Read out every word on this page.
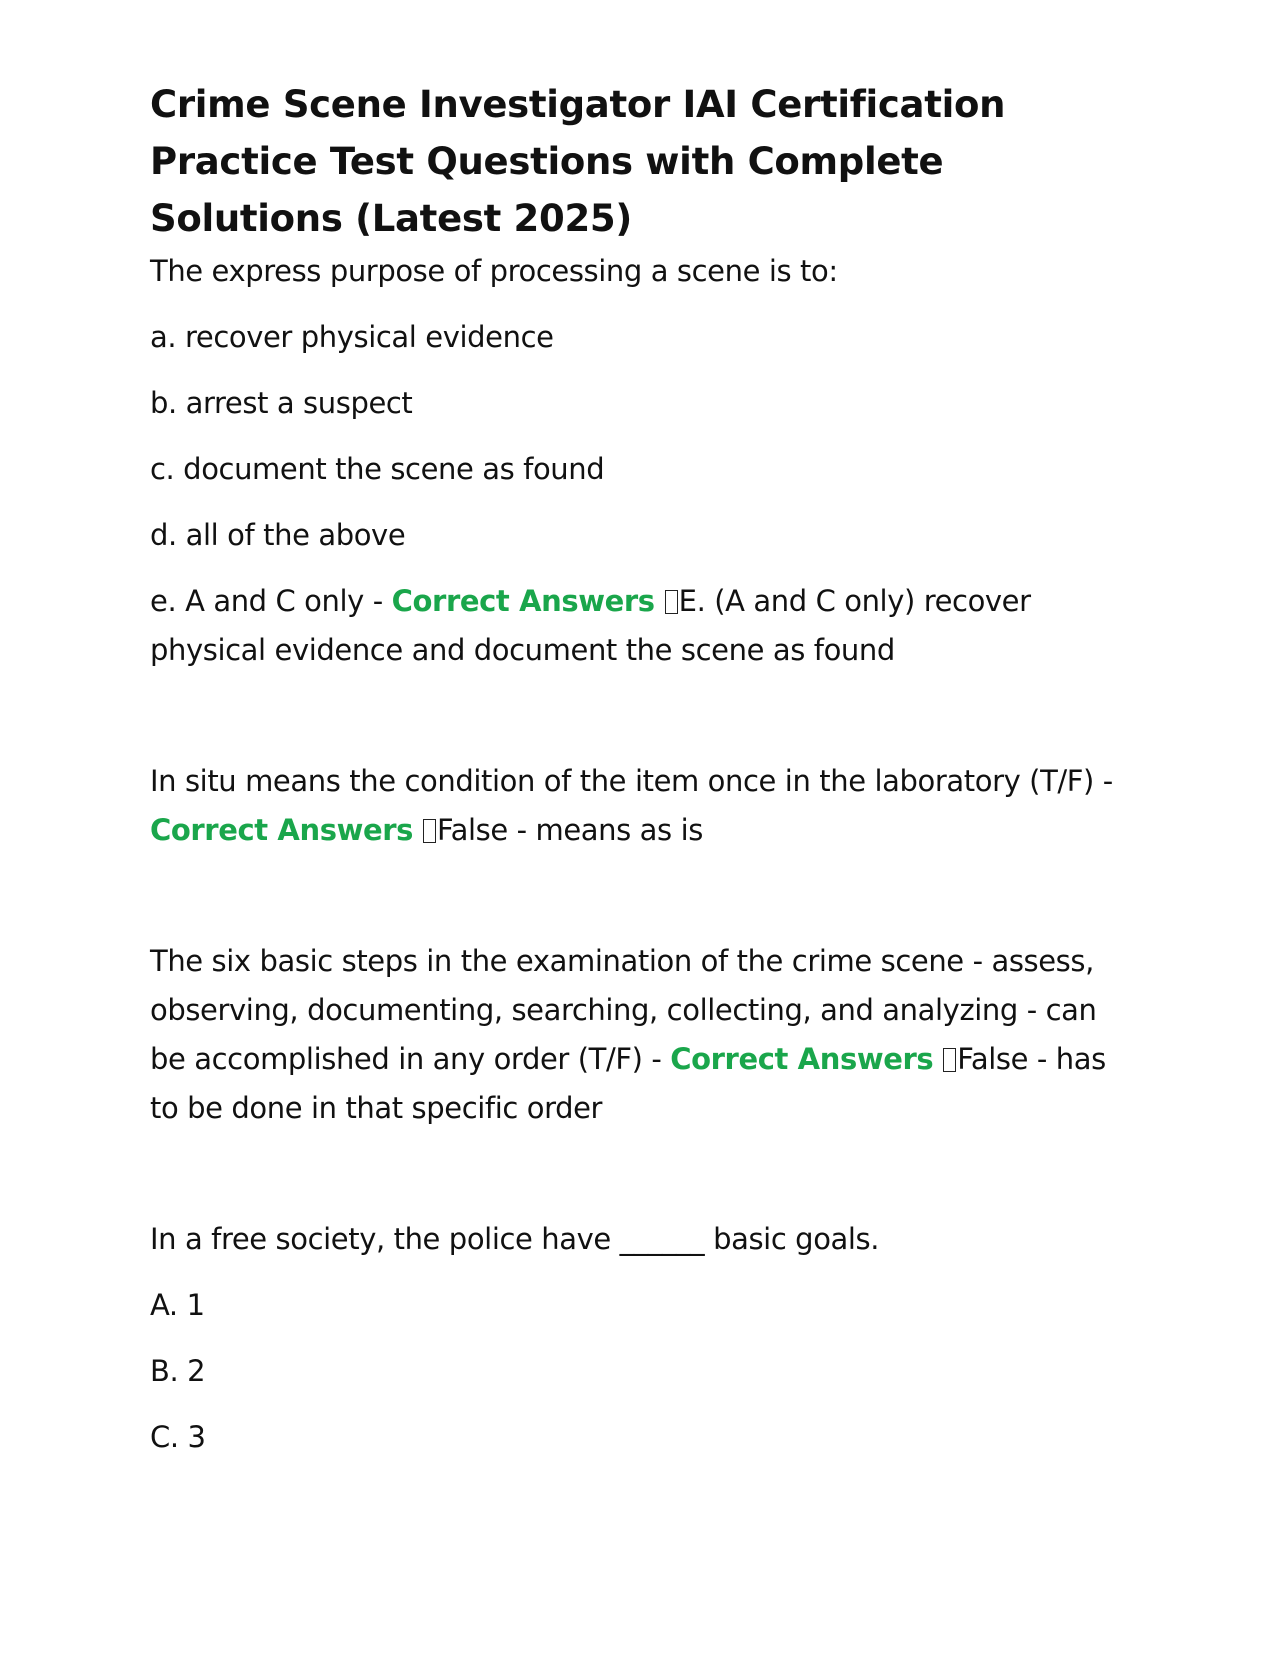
Crime Scene Investigator IAI Certification Practice Test Questions with Complete Solutions (Latest 2025)

The express purpose of processing a scene is to:

a. recover physical evidence

b. arrest a suspect

c. document the scene as found

d. all of the above

e. A and C only - Correct Answers E. (A and C only) recover physical evidence and document the scene as found

In situ means the condition of the item once in the laboratory (T/F) - Correct Answers False - means as is

The six basic steps in the examination of the crime scene - assess, observing, documenting, searching, collecting, and analyzing - can be accomplished in any order (T/F) - Correct Answers False - has to be done in that specific order

In a free society, the police have ______ basic goals.

A. 1

B. 2

C. 3
